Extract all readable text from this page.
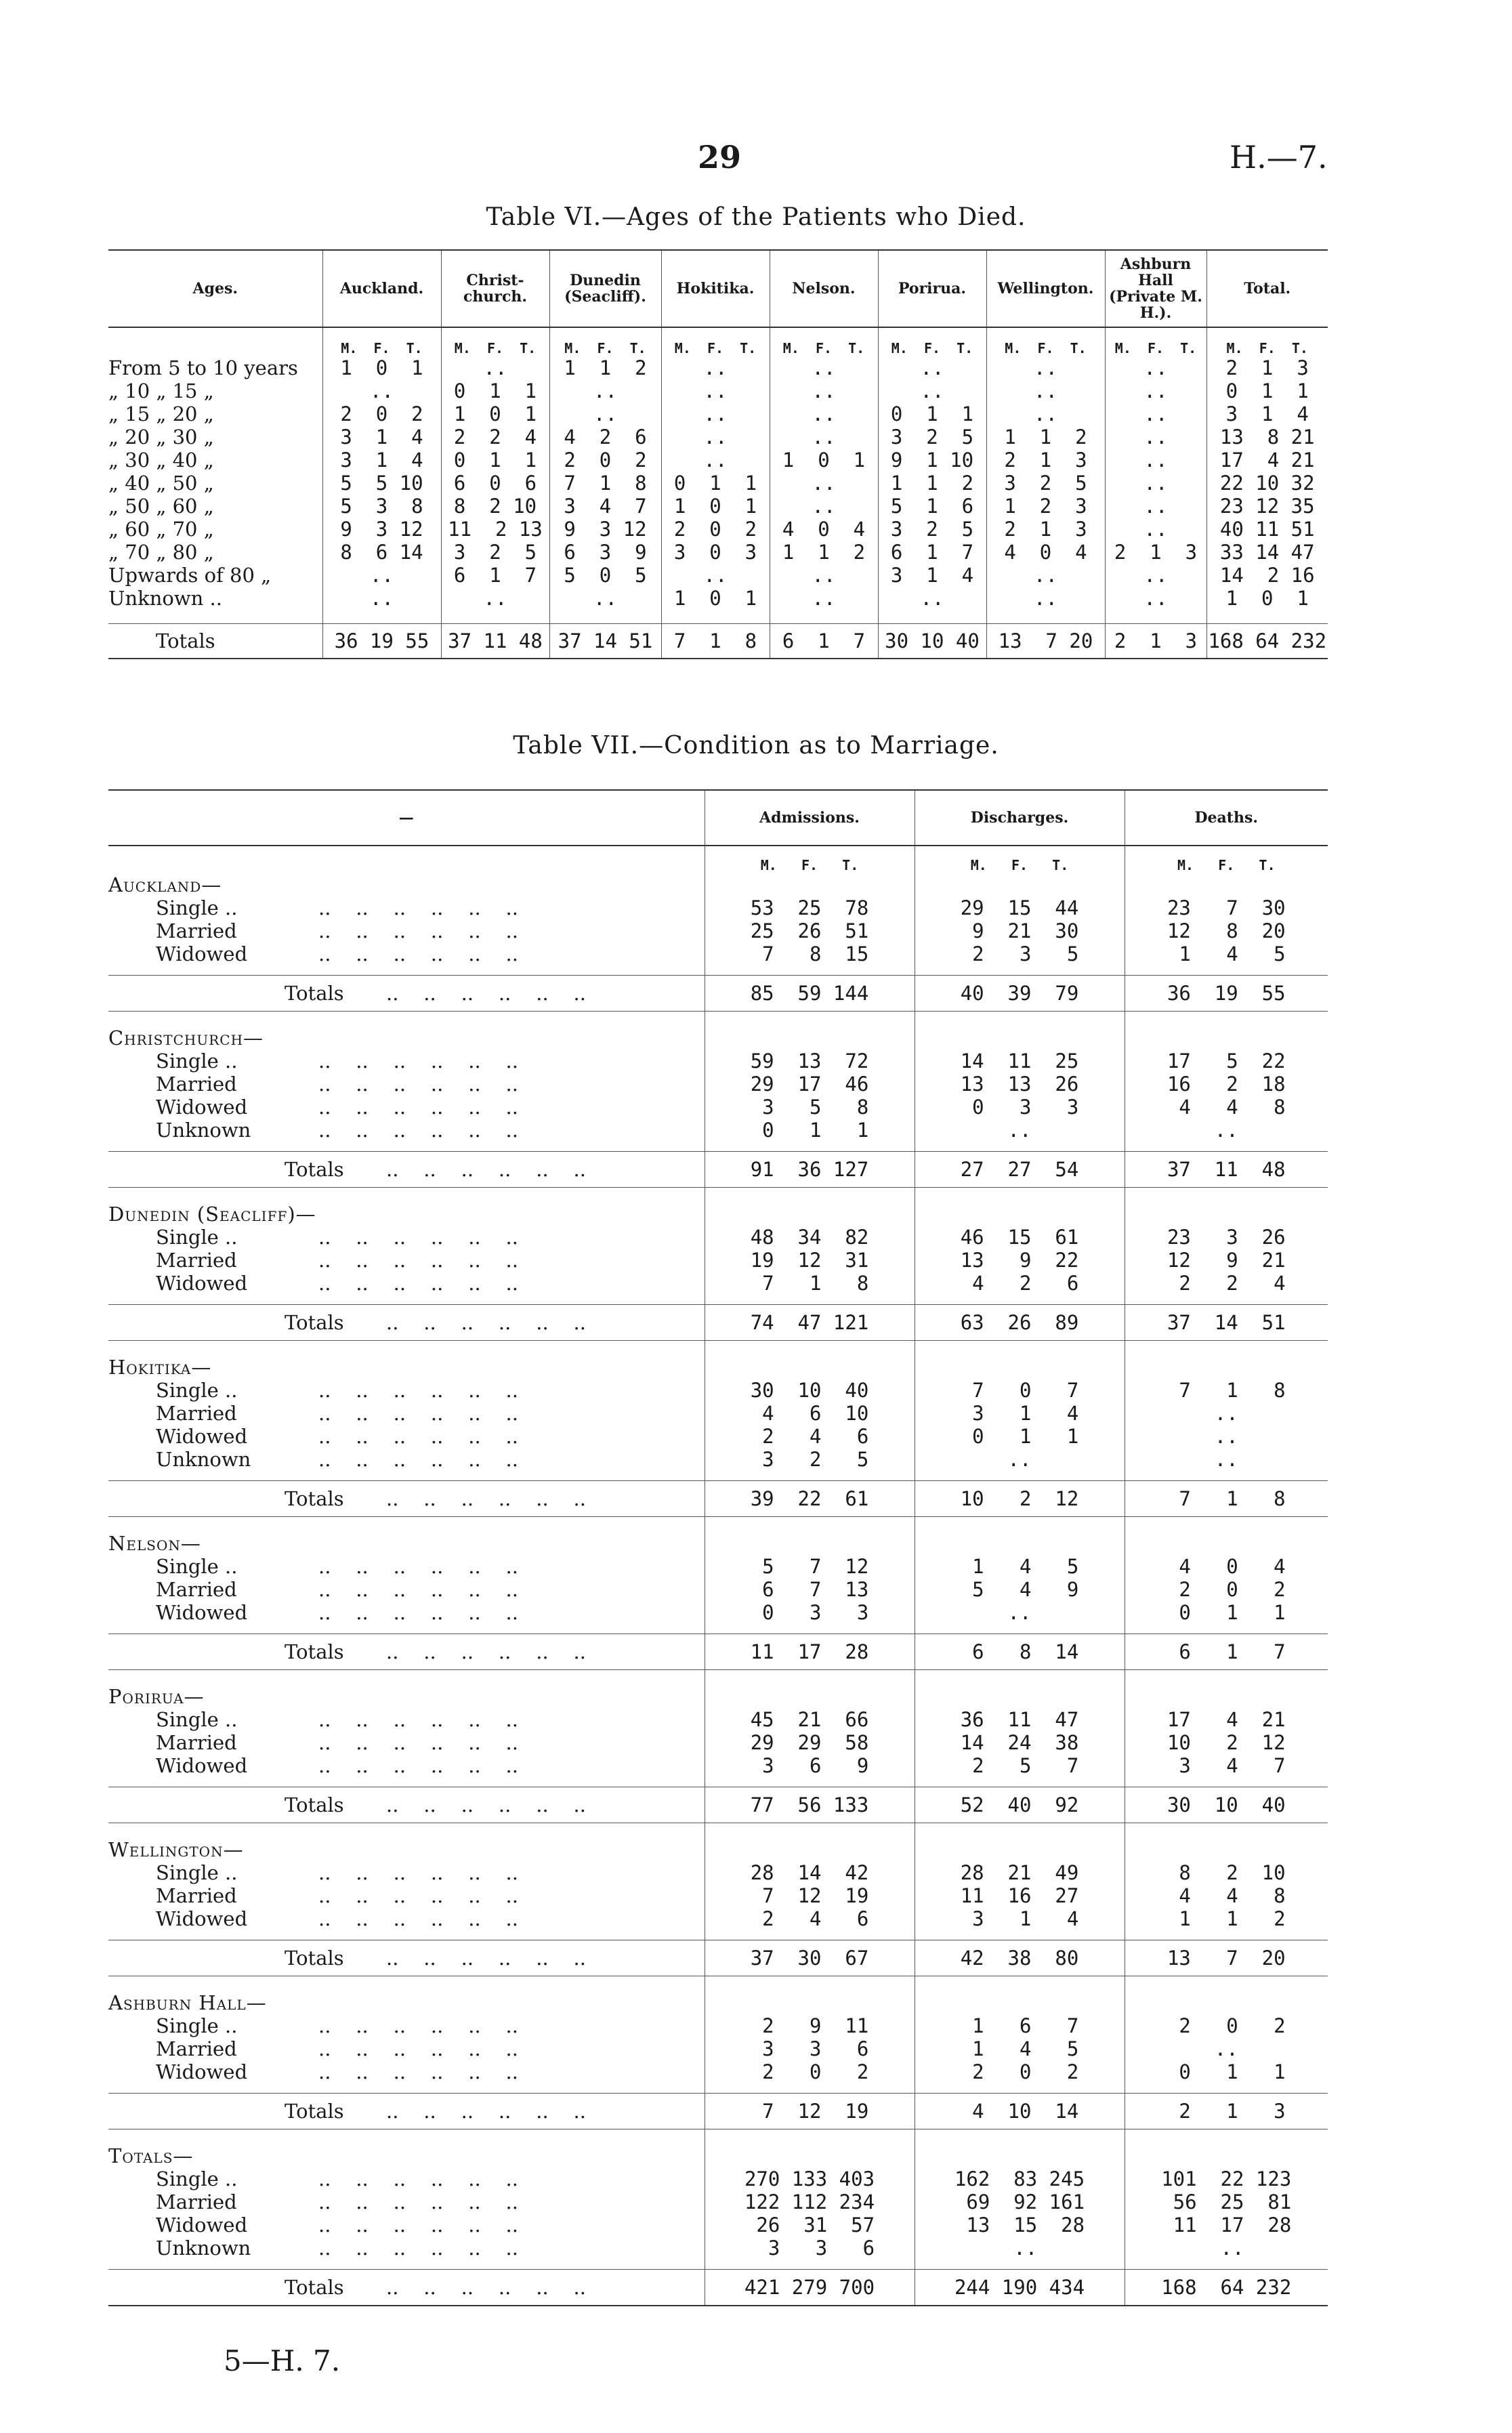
29	H.—7.
Table VI.—Ages of the Patients who Died.
Ages.	Auckland.	Christ-church.	Dunedin (Seacliff).	Hokitika.	Nelson.	Porirua.	Wellington.	Ashburn Hall (Private M. H.).	Total.
	M.  F.  T.	M.  F.  T.	M.  F.  T.	M.  F.  T.	M.  F.  T.	M.  F.  T.	M.  F.  T.	M.  F.  T.	M.  F.  T.
From 5 to 10 years	1  0  1	..	1  1  2	..	..	..	..	..	2  1  3
„ 10 „ 15 „	..	0  1  1	..	..	..	..	..	..	0  1  1
„ 15 „ 20 „	2  0  2	1  0  1	..	..	..	0  1  1	..	..	3  1  4
„ 20 „ 30 „	3  1  4	2  2  4	4  2  6	..	..	3  2  5	1  1  2	..	13  8 21
„ 30 „ 40 „	3  1  4	0  1  1	2  0  2	..	1  0  1	9  1 10	2  1  3	..	17  4 21
„ 40 „ 50 „	5  5 10	6  0  6	7  1  8	0  1  1	..	1  1  2	3  2  5	..	22 10 32
„ 50 „ 60 „	5  3  8	8  2 10	3  4  7	1  0  1	..	5  1  6	1  2  3	..	23 12 35
„ 60 „ 70 „	9  3 12	11  2 13	9  3 12	2  0  2	4  0  4	3  2  5	2  1  3	..	40 11 51
„ 70 „ 80 „	8  6 14	3  2  5	6  3  9	3  0  3	1  1  2	6  1  7	4  0  4	2  1  3	33 14 47
Upwards of 80 „	..	6  1  7	5  0  5	..	..	3  1  4	..	..	14  2 16
Unknown ..	..	..	..	1  0  1	..	..	..	..	1  0  1

Totals	36 19 55	37 11 48	37 14 51	7  1  8	6  1  7	30 10 40	13  7 20	2  1  3	168 64 232
Table VII.—Condition as to Marriage.
—	Admissions.	Discharges.	Deaths.
	M.   F.   T.	M.   F.   T.	M.   F.   T.
Auckland—			
Single .. ..    ..    ..    ..    ..    ..	53  25  78	29  15  44	23   7  30
Married ..    ..    ..    ..    ..    ..	25  26  51	9  21  30	12   8  20
Widowed ..    ..    ..    ..    ..    ..	7   8  15	2   3   5	1   4   5

Totals ..    ..    ..    ..    ..    ..	85  59 144	40  39  79	36  19  55

Christchurch—			
Single .. ..    ..    ..    ..    ..    ..	59  13  72	14  11  25	17   5  22
Married ..    ..    ..    ..    ..    ..	29  17  46	13  13  26	16   2  18
Widowed ..    ..    ..    ..    ..    ..	3   5   8	0   3   3	4   4   8
Unknown ..    ..    ..    ..    ..    ..	0   1   1	..	..

Totals ..    ..    ..    ..    ..    ..	91  36 127	27  27  54	37  11  48

Dunedin (Seacliff)—			
Single .. ..    ..    ..    ..    ..    ..	48  34  82	46  15  61	23   3  26
Married ..    ..    ..    ..    ..    ..	19  12  31	13   9  22	12   9  21
Widowed ..    ..    ..    ..    ..    ..	7   1   8	4   2   6	2   2   4

Totals ..    ..    ..    ..    ..    ..	74  47 121	63  26  89	37  14  51

Hokitika—			
Single .. ..    ..    ..    ..    ..    ..	30  10  40	7   0   7	7   1   8
Married ..    ..    ..    ..    ..    ..	4   6  10	3   1   4	..
Widowed ..    ..    ..    ..    ..    ..	2   4   6	0   1   1	..
Unknown ..    ..    ..    ..    ..    ..	3   2   5	..	..

Totals ..    ..    ..    ..    ..    ..	39  22  61	10   2  12	7   1   8

Nelson—			
Single .. ..    ..    ..    ..    ..    ..	5   7  12	1   4   5	4   0   4
Married ..    ..    ..    ..    ..    ..	6   7  13	5   4   9	2   0   2
Widowed ..    ..    ..    ..    ..    ..	0   3   3	..	0   1   1

Totals ..    ..    ..    ..    ..    ..	11  17  28	6   8  14	6   1   7

Porirua—			
Single .. ..    ..    ..    ..    ..    ..	45  21  66	36  11  47	17   4  21
Married ..    ..    ..    ..    ..    ..	29  29  58	14  24  38	10   2  12
Widowed ..    ..    ..    ..    ..    ..	3   6   9	2   5   7	3   4   7

Totals ..    ..    ..    ..    ..    ..	77  56 133	52  40  92	30  10  40

Wellington—			
Single .. ..    ..    ..    ..    ..    ..	28  14  42	28  21  49	8   2  10
Married ..    ..    ..    ..    ..    ..	7  12  19	11  16  27	4   4   8
Widowed ..    ..    ..    ..    ..    ..	2   4   6	3   1   4	1   1   2

Totals ..    ..    ..    ..    ..    ..	37  30  67	42  38  80	13   7  20

Ashburn Hall—			
Single .. ..    ..    ..    ..    ..    ..	2   9  11	1   6   7	2   0   2
Married ..    ..    ..    ..    ..    ..	3   3   6	1   4   5	..
Widowed ..    ..    ..    ..    ..    ..	2   0   2	2   0   2	0   1   1

Totals ..    ..    ..    ..    ..    ..	7  12  19	4  10  14	2   1   3

Totals—			
Single .. ..    ..    ..    ..    ..    ..	270 133 403	162  83 245	101  22 123
Married ..    ..    ..    ..    ..    ..	122 112 234	69  92 161	56  25  81
Widowed ..    ..    ..    ..    ..    ..	26  31  57	13  15  28	11  17  28
Unknown ..    ..    ..    ..    ..    ..	3   3   6	..	..

Totals ..    ..    ..    ..    ..    ..	421 279 700	244 190 434	168  64 232
5—H. 7.
